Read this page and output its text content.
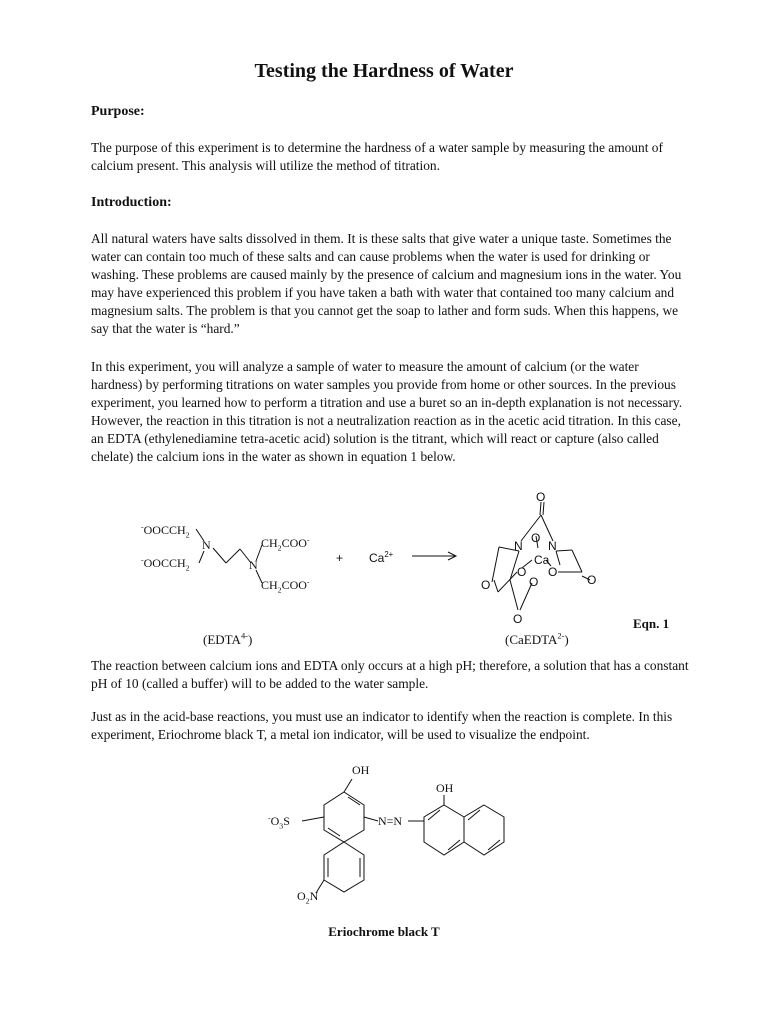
Testing the Hardness of Water
Purpose:

The purpose of this experiment is to determine the hardness of a water sample by measuring the amount of calcium present. This analysis will utilize the method of titration.

Introduction:

All natural waters have salts dissolved in them. It is these salts that give water a unique taste. Sometimes the water can contain too much of these salts and can cause problems when the water is used for drinking or washing. These problems are caused mainly by the presence of calcium and magnesium ions in the water. You may have experienced this problem if you have taken a bath with water that contained too many calcium and magnesium salts. The problem is that you cannot get the soap to lather and form suds. When this happens, we say that the water is “hard.”

In this experiment, you will analyze a sample of water to measure the amount of calcium (or the water hardness) by performing titrations on water samples you provide from home or other sources. In the previous experiment, you learned how to perform a titration and use a buret so an in-depth explanation is not necessary. However, the reaction in this titration is not a neutralization reaction as in the acetic acid titration. In this case, an EDTA (ethylenediamine tetra-acetic acid) solution is the titrant, which will react or capture (also called chelate) the calcium ions in the water as shown in equation 1 below.

$^-OOCCH_2$
$^-OOCCH_2$
N
N
$CH_2COO^-$
$CH_2COO^-$
+ $Ca^{2+}$
O
N
O
N
Ca
O O
O
O	O
O	Eqn. 1
$(EDTA^{4-})$	(CaEDTA$^{2-}$)

The reaction between calcium ions and EDTA only occurs at a high pH; therefore, a solution that has a constant pH of 10 (called a buffer) will to be added to the water sample.

Just as in the acid-base reactions, you must use an indicator to identify when the reaction is complete. In this experiment, Eriochrome black T, a metal ion indicator, will be used to visualize the endpoint.

OH
OH
$^-O_3S$	N=N
$O_2N$
Eriochrome black T
